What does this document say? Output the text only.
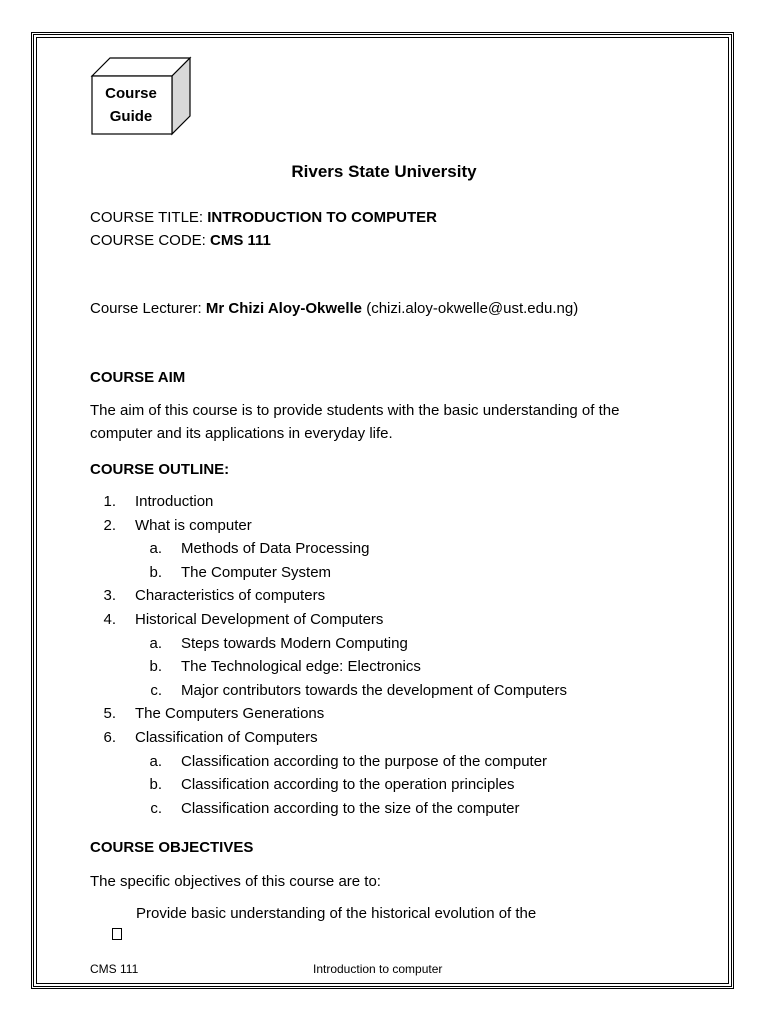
Course
Guide
Rivers State University
COURSE TITLE: INTRODUCTION TO COMPUTER
COURSE CODE: CMS 111
Course Lecturer: Mr Chizi Aloy-Okwelle (chizi.aloy-okwelle@ust.edu.ng)
COURSE AIM
The aim of this course is to provide students with the basic understanding of the computer and its applications in everyday life.
COURSE OUTLINE:
1. Introduction
2. What is computer
a. Methods of Data Processing
b. The Computer System
3. Characteristics of computers
4. Historical Development of Computers
a. Steps towards Modern Computing
b. The Technological edge: Electronics
c. Major contributors towards the development of Computers
5. The Computers Generations
6. Classification of Computers
a. Classification according to the purpose of the computer
b. Classification according to the operation principles
c. Classification according to the size of the computer
COURSE OBJECTIVES
The specific objectives of this course are to:
Provide basic understanding of the historical evolution of the
CMS 111	Introduction to computer
